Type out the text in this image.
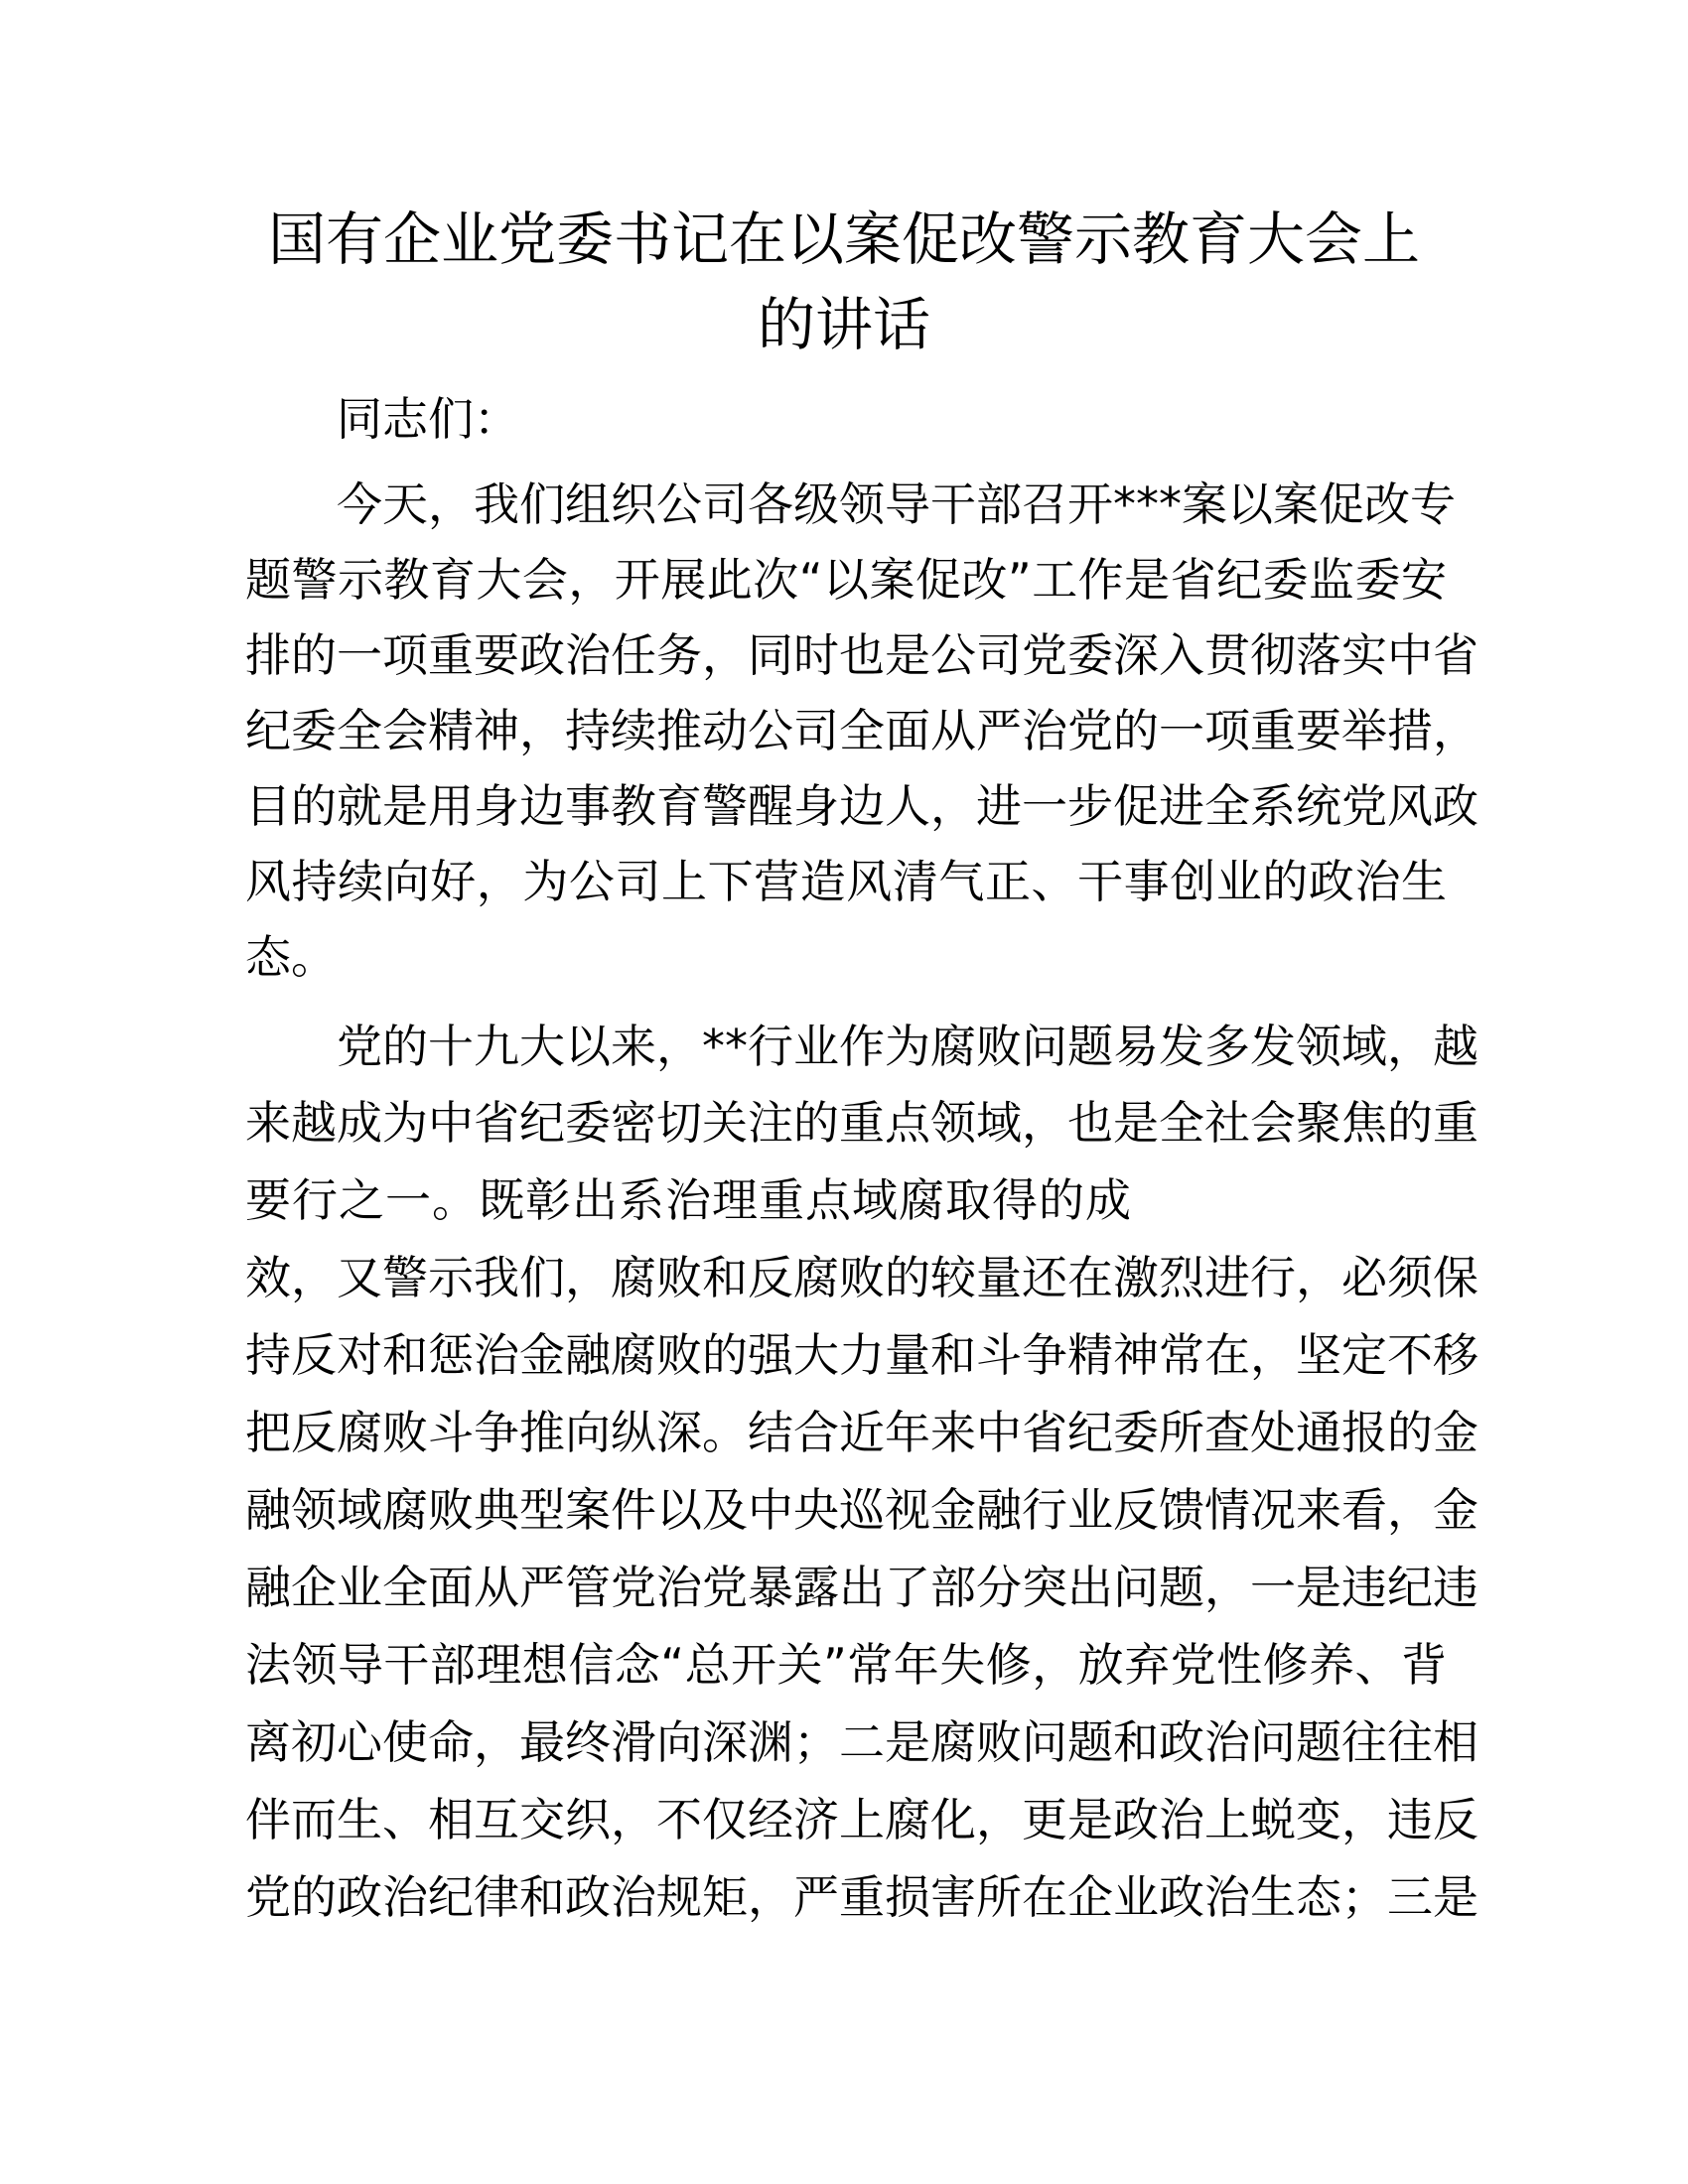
国有企业党委书记在以案促改警示教育大会上
的讲话
　　同志们：
　　今天，我们组织公司各级领导干部召开***案以案促改专
题警示教育大会，开展此次“以案促改”工作是省纪委监委安
排的一项重要政治任务，同时也是公司党委深入贯彻落实中省
纪委全会精神，持续推动公司全面从严治党的一项重要举措，
目的就是用身边事教育警醒身边人，进一步促进全系统党风政
风持续向好，为公司上下营造风清气正、干事创业的政治生
态。
　　党的十九大以来，**行业作为腐败问题易发多发领域，越
来越成为中省纪委密切关注的重点领域，也是全社会聚焦的重
要行之一。既彰出系治理重点域腐取得的成
效，又警示我们，腐败和反腐败的较量还在激烈进行，必须保
持反对和惩治金融腐败的强大力量和斗争精神常在，坚定不移
把反腐败斗争推向纵深。结合近年来中省纪委所查处通报的金
融领域腐败典型案件以及中央巡视金融行业反馈情况来看，金
融企业全面从严管党治党暴露出了部分突出问题，一是违纪违
法领导干部理想信念“总开关”常年失修，放弃党性修养、背
离初心使命，最终滑向深渊；二是腐败问题和政治问题往往相
伴而生、相互交织，不仅经济上腐化，更是政治上蜕变，违反
党的政治纪律和政治规矩，严重损害所在企业政治生态；三是
